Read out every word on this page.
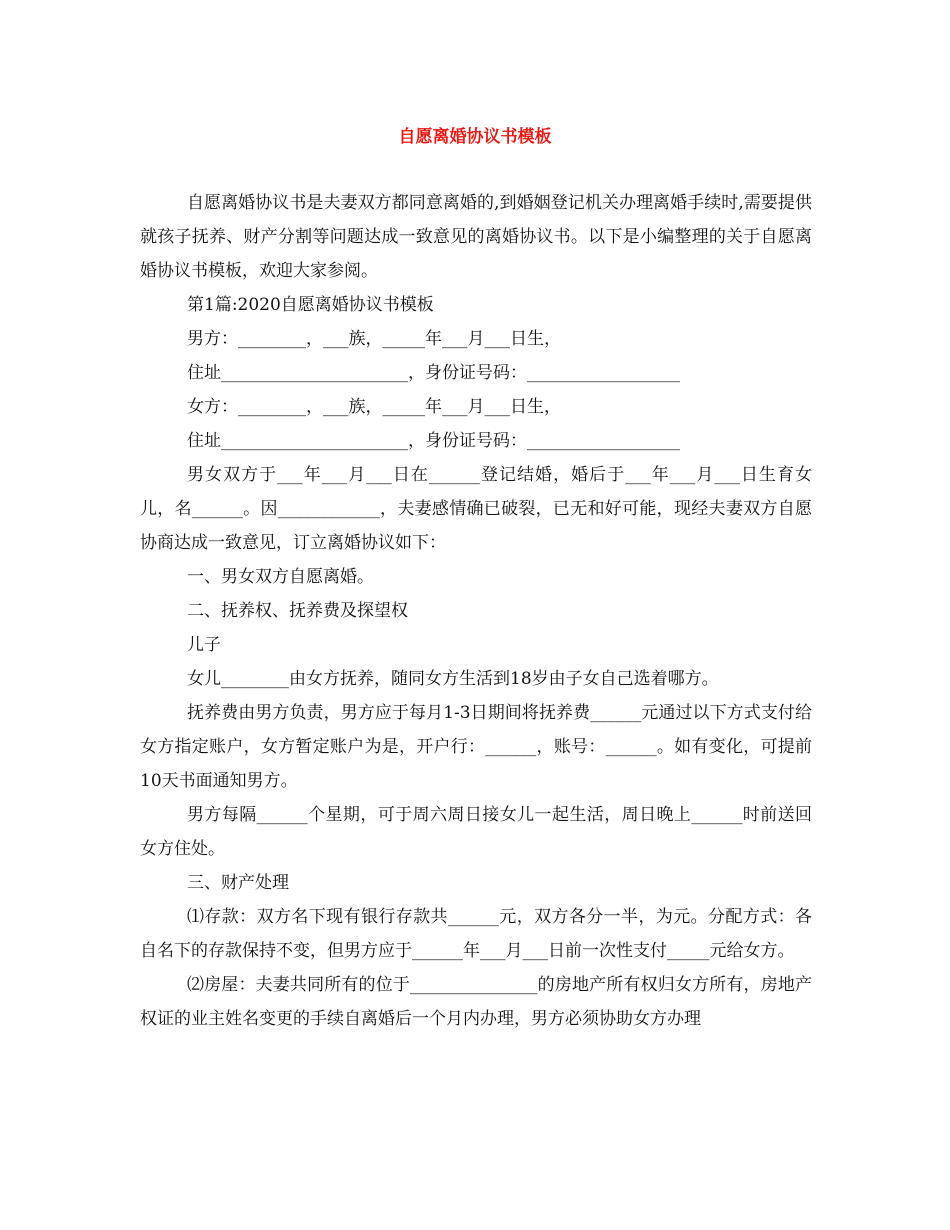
自愿离婚协议书模板

自愿离婚协议书是夫妻双方都同意离婚的,到婚姻登记机关办理离婚手续时,需要提供就孩子抚养、财产分割等问题达成一致意见的离婚协议书。以下是小编整理的关于自愿离婚协议书模板，欢迎大家参阅。

第1篇:2020自愿离婚协议书模板

男方：________，___族，_____年___月___日生，

住址______________________，身份证号码：__________________

女方：________，___族，_____年___月___日生，

住址______________________，身份证号码：__________________

男女双方于___年___月___日在______登记结婚，婚后于___年___月___日生育女儿，名______。因____________，夫妻感情确已破裂，已无和好可能，现经夫妻双方自愿协商达成一致意见，订立离婚协议如下：

一、男女双方自愿离婚。

二、抚养权、抚养费及探望权

儿子

女儿________由女方抚养，随同女方生活到18岁由子女自己选着哪方。

抚养费由男方负责，男方应于每月1-3日期间将抚养费______元通过以下方式支付给女方指定账户，女方暂定账户为是，开户行：______，账号：______。如有变化，可提前10天书面通知男方。

男方每隔______个星期，可于周六周日接女儿一起生活，周日晚上______时前送回女方住处。

三、财产处理

⑴存款：双方名下现有银行存款共______元，双方各分一半，为元。分配方式：各自名下的存款保持不变，但男方应于______年___月___日前一次性支付_____元给女方。

⑵房屋：夫妻共同所有的位于_______________的房地产所有权归女方所有，房地产权证的业主姓名变更的手续自离婚后一个月内办理，男方必须协助女方办理
